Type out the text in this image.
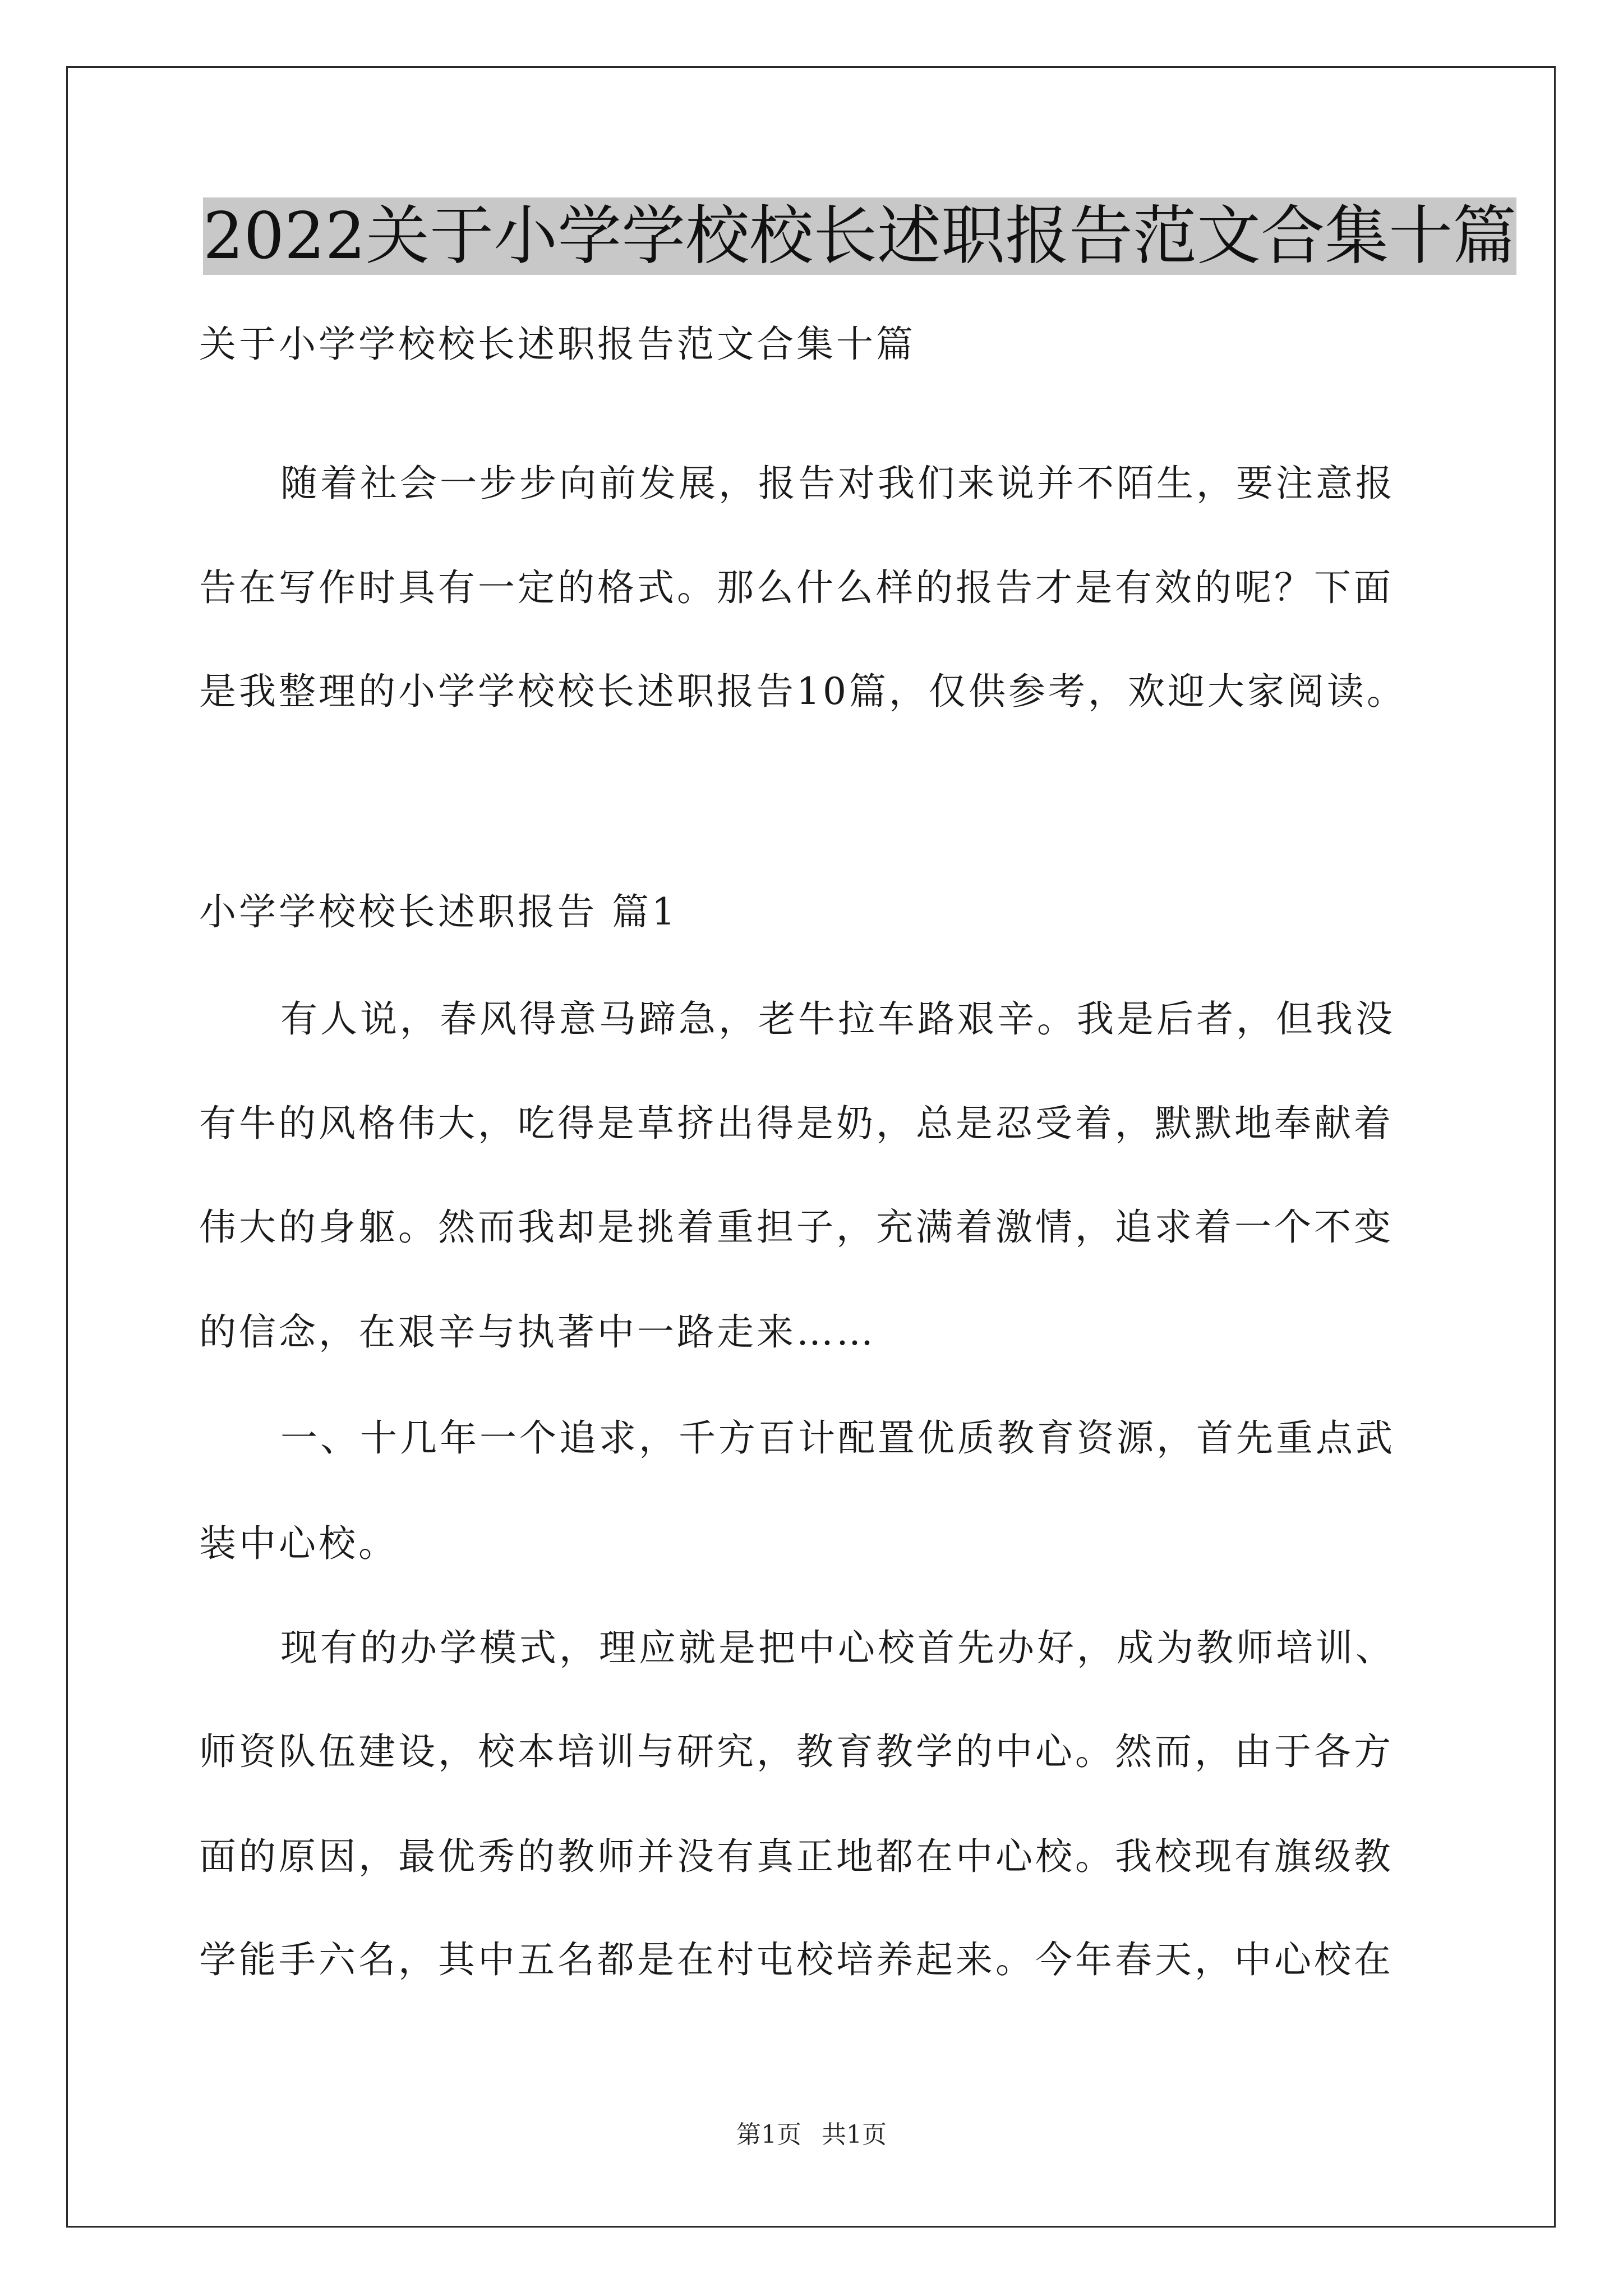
2022关于小学学校校长述职报告范文合集十篇
关于小学学校校长述职报告范文合集十篇
随着社会一步步向前发展，报告对我们来说并不陌生，要注意报
告在写作时具有一定的格式。那么什么样的报告才是有效的呢？下面
是我整理的小学学校校长述职报告10篇，仅供参考，欢迎大家阅读。
小学学校校长述职报告 篇1
有人说，春风得意马蹄急，老牛拉车路艰辛。我是后者，但我没
有牛的风格伟大，吃得是草挤出得是奶，总是忍受着，默默地奉献着
伟大的身躯。然而我却是挑着重担子，充满着激情，追求着一个不变
的信念，在艰辛与执著中一路走来……
一、十几年一个追求，千方百计配置优质教育资源，首先重点武
装中心校。
现有的办学模式，理应就是把中心校首先办好，成为教师培训、
师资队伍建设，校本培训与研究，教育教学的中心。然而，由于各方
面的原因，最优秀的教师并没有真正地都在中心校。我校现有旗级教
学能手六名，其中五名都是在村屯校培养起来。今年春天，中心校在
第1页 共1页
